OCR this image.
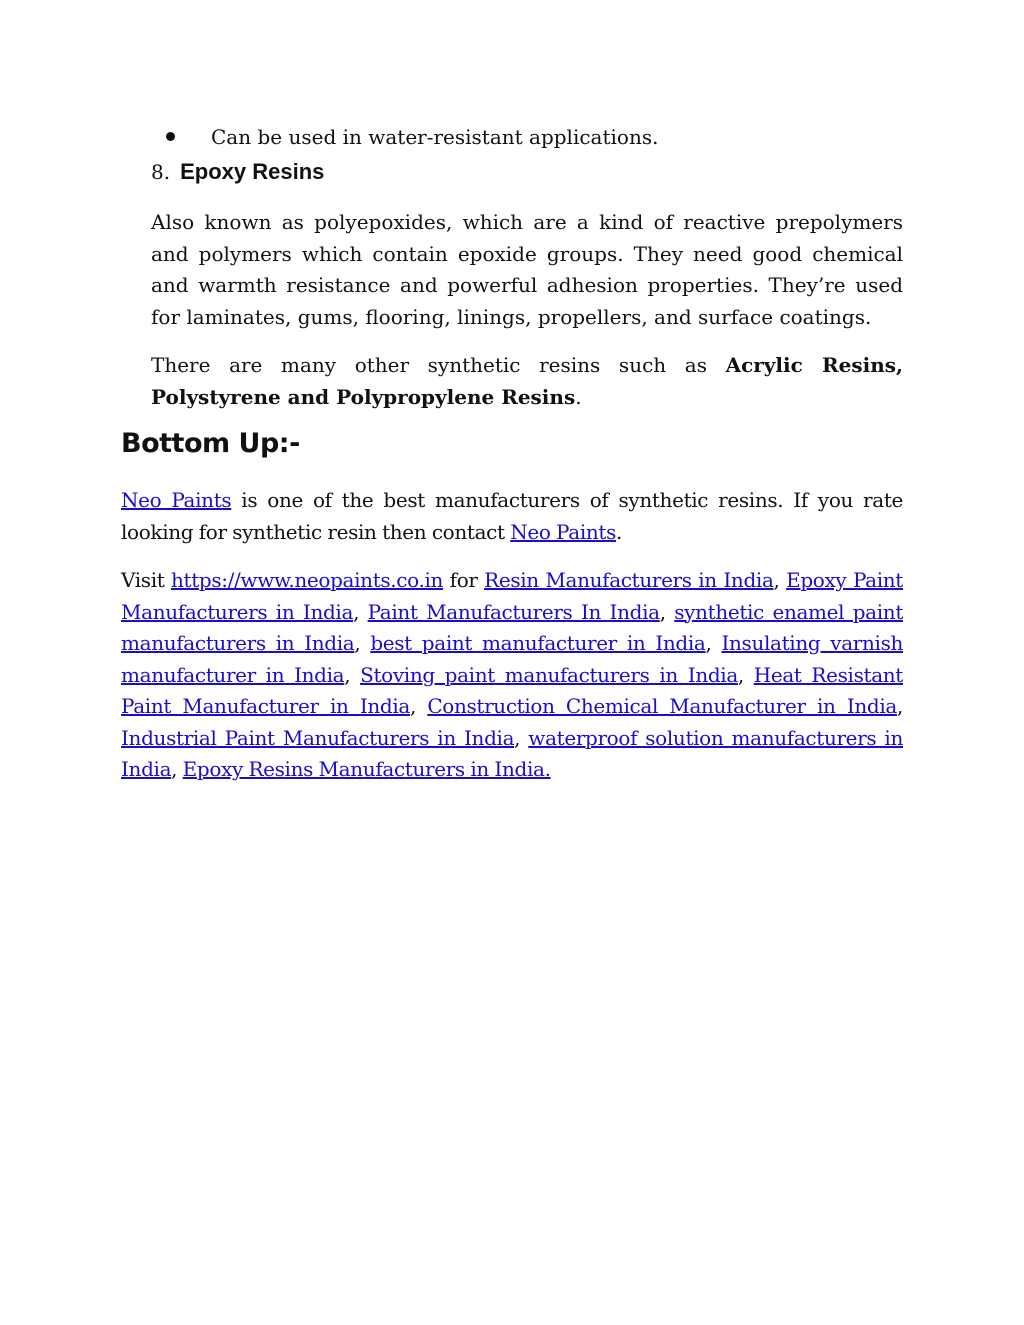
Can be used in water-resistant applications.
8. Epoxy Resins

Also known as polyepoxides, which are a kind of reactive prepolymers and polymers which contain epoxide groups. They need good chemical and warmth resistance and powerful adhesion properties. They’re used for laminates, gums, flooring, linings, propellers, and surface coatings.

There are many other synthetic resins such as Acrylic Resins, Polystyrene and Polypropylene Resins.

Bottom Up:-

Neo Paints is one of the best manufacturers of synthetic resins. If you rate looking for synthetic resin then contact Neo Paints.

Visit https://www.neopaints.co.in for Resin Manufacturers in India, Epoxy Paint Manufacturers in India, Paint Manufacturers In India, synthetic enamel paint manufacturers in India, best paint manufacturer in India, Insulating varnish manufacturer in India, Stoving paint manufacturers in India, Heat Resistant Paint Manufacturer in India, Construction Chemical Manufacturer in India, Industrial Paint Manufacturers in India, waterproof solution manufacturers in India, Epoxy Resins Manufacturers in India.
